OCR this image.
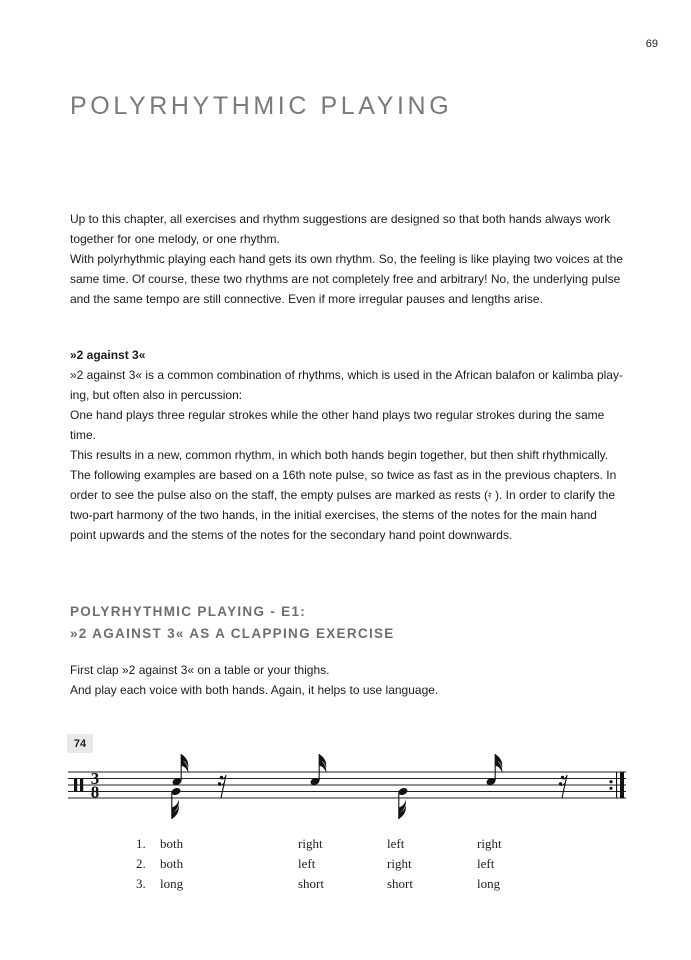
69
POLYRHYTHMIC PLAYING

Up to this chapter, all exercises and rhythm suggestions are designed so that both hands always work
together for one melody, or one rhythm.
With polyrhythmic playing each hand gets its own rhythm. So, the feeling is like playing two voices at the
same time. Of course, these two rhythms are not completely free and arbitrary! No, the underlying pulse
and the same tempo are still connective. Even if more irregular pauses and lengths arise.

»2 against 3«
»2 against 3« is a common combination of rhythms, which is used in the African balafon or kalimba play-
ing, but often also in percussion:
One hand plays three regular strokes while the other hand plays two regular strokes during the same
time.
This results in a new, common rhythm, in which both hands begin together, but then shift rhythmically.
The following examples are based on a 16th note pulse, so twice as fast as in the previous chapters. In
order to see the pulse also on the staff, the empty pulses are marked as rests (𝄿 ). In order to clarify the
two-part harmony of the two hands, in the initial exercises, the stems of the notes for the main hand
point upwards and the stems of the notes for the secondary hand point downwards.

POLYRHYTHMIC PLAYING - E1:
»2 AGAINST 3« AS A CLAPPING EXERCISE

First clap »2 against 3« on a table or your thighs.
And play each voice with both hands. Again, it helps to use language.

74
3
8
1. both	right	left	right
2. both	left	right	left
3. long	short	short	long
